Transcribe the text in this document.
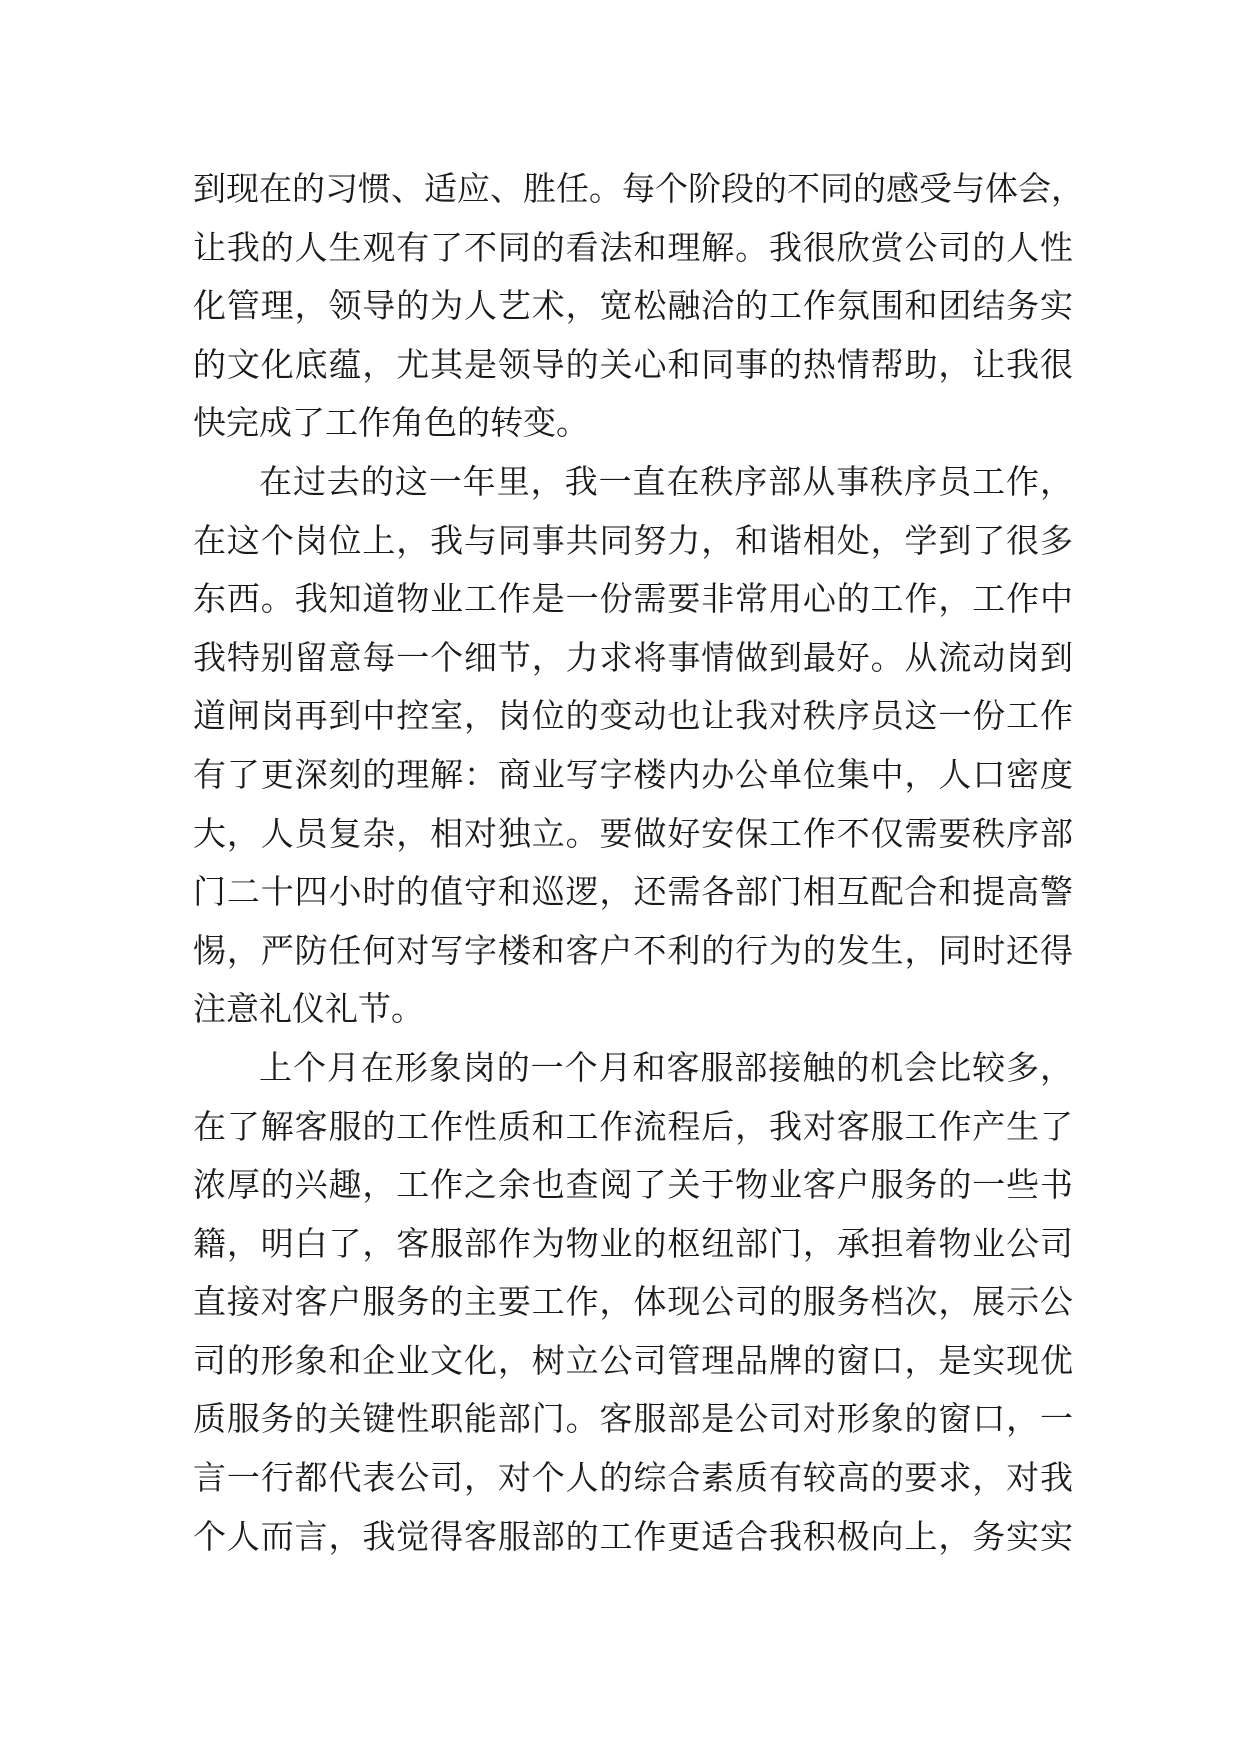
到现在的习惯、适应、胜任。每个阶段的不同的感受与体会，
让我的人生观有了不同的看法和理解。我很欣赏公司的人性
化管理，领导的为人艺术，宽松融洽的工作氛围和团结务实
的文化底蕴，尤其是领导的关心和同事的热情帮助，让我很
快完成了工作角色的转变。
在过去的这一年里，我一直在秩序部从事秩序员工作，
在这个岗位上，我与同事共同努力，和谐相处，学到了很多
东西。我知道物业工作是一份需要非常用心的工作，工作中
我特别留意每一个细节，力求将事情做到最好。从流动岗到
道闸岗再到中控室，岗位的变动也让我对秩序员这一份工作
有了更深刻的理解：商业写字楼内办公单位集中，人口密度
大，人员复杂，相对独立。要做好安保工作不仅需要秩序部
门二十四小时的值守和巡逻，还需各部门相互配合和提高警
惕，严防任何对写字楼和客户不利的行为的发生，同时还得
注意礼仪礼节。
上个月在形象岗的一个月和客服部接触的机会比较多，
在了解客服的工作性质和工作流程后，我对客服工作产生了
浓厚的兴趣，工作之余也查阅了关于物业客户服务的一些书
籍，明白了，客服部作为物业的枢纽部门，承担着物业公司
直接对客户服务的主要工作，体现公司的服务档次，展示公
司的形象和企业文化，树立公司管理品牌的窗口，是实现优
质服务的关键性职能部门。客服部是公司对形象的窗口，一
言一行都代表公司，对个人的综合素质有较高的要求，对我
个人而言，我觉得客服部的工作更适合我积极向上，务实实
